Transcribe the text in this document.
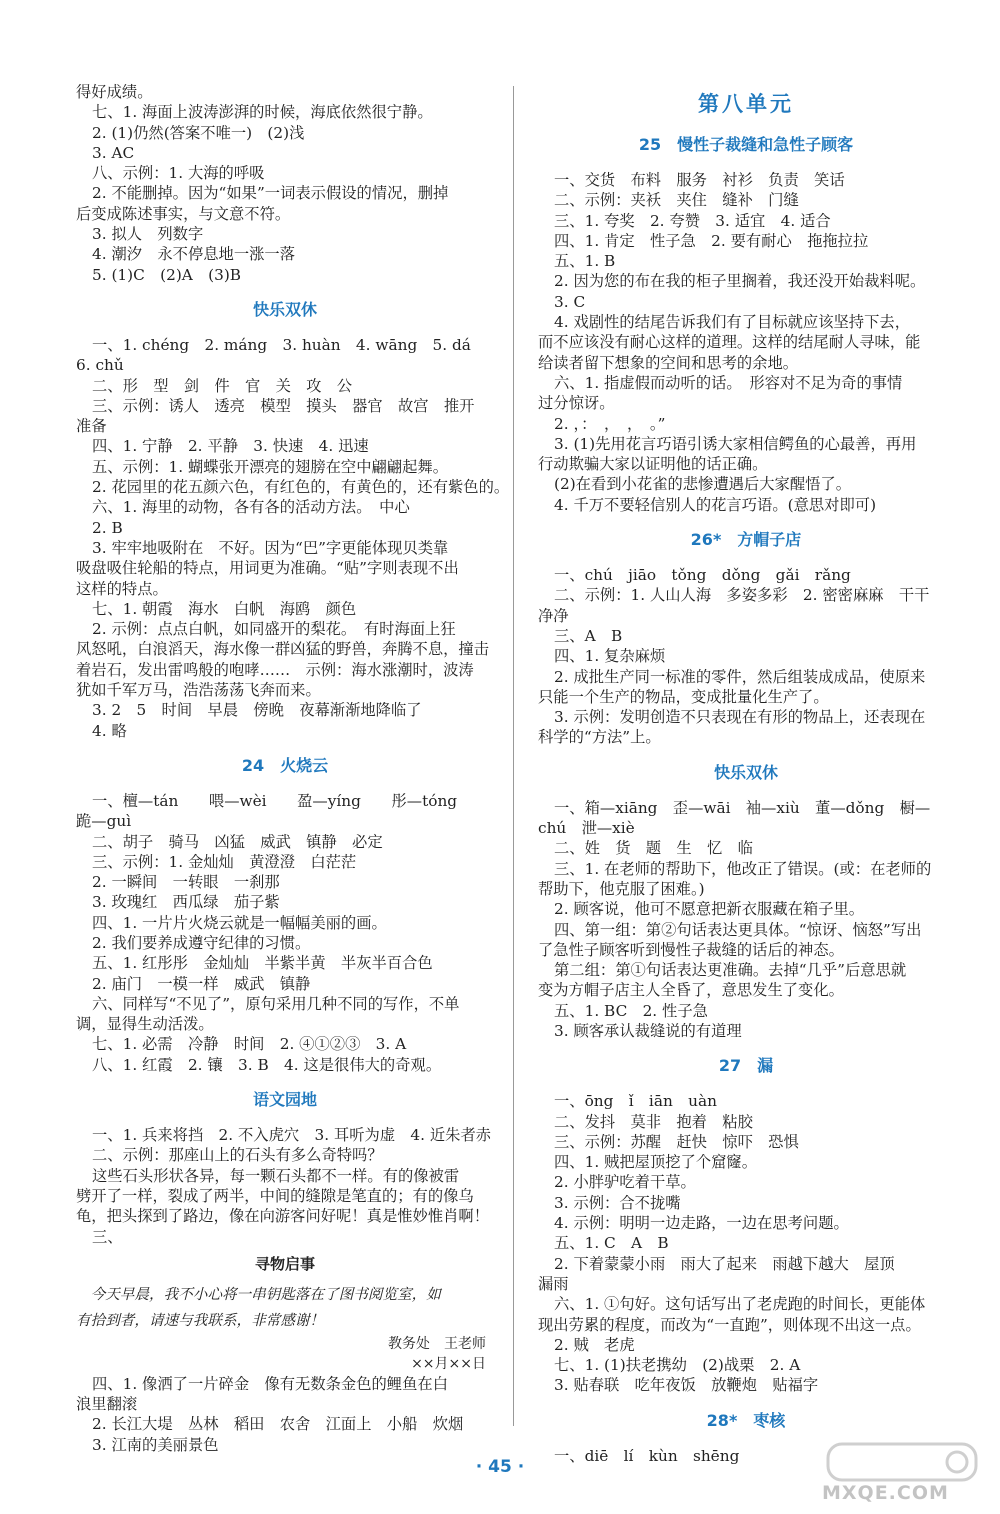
得好成绩。
七、1. 海面上波涛澎湃的时候，海底依然很宁静。
2. (1)仍然(答案不唯一)　(2)浅
3. AC
八、示例：1. 大海的呼吸
2. 不能删掉。因为“如果”一词表示假设的情况，删掉
后变成陈述事实，与文意不符。
3. 拟人　列数字
4. 潮汐　永不停息地一涨一落
5. (1)C　(2)A　(3)B
快乐双休
一、1. chéng　2. máng　3. huàn　4. wāng　5. dá
6. chǔ
二、形　型　剑　件　官　关　攻　公
三、示例：诱人　透亮　模型　摸头　器官　故宫　推开
准备
四、1. 宁静　2. 平静　3. 快速　4. 迅速
五、示例：1. 蝴蝶张开漂亮的翅膀在空中翩翩起舞。
2. 花园里的花五颜六色，有红色的，有黄色的，还有紫色的。
六、1. 海里的动物，各有各的活动方法。　中心
2. B
3. 牢牢地吸附在　不好。因为“巴”字更能体现贝类靠
吸盘吸住轮船的特点，用词更为准确。“贴”字则表现不出
这样的特点。
七、1. 朝霞　海水　白帆　海鸥　颜色
2. 示例：点点白帆，如同盛开的梨花。　有时海面上狂
风怒吼，白浪滔天，海水像一群凶猛的野兽，奔腾不息，撞击
着岩石，发出雷鸣般的咆哮……　示例：海水涨潮时，波涛
犹如千军万马，浩浩荡荡飞奔而来。
3. 2　5　时间　早晨　傍晚　夜幕渐渐地降临了
4. 略
24　火烧云
一、檀—tán　　喂—wèi　　盈—yíng　　彤—tóng
跪—guì
二、胡子　骑马　凶猛　威武　镇静　必定
三、示例：1. 金灿灿　黄澄澄　白茫茫
2. 一瞬间　一转眼　一刹那
3. 玫瑰红　西瓜绿　茄子紫
四、1. 一片片火烧云就是一幅幅美丽的画。
2. 我们要养成遵守纪律的习惯。
五、1. 红彤彤　金灿灿　半紫半黄　半灰半百合色
2. 庙门　一模一样　威武　镇静
六、同样写“不见了”，原句采用几种不同的写作，不单
调，显得生动活泼。
七、1. 必需　冷静　时间　2. ④①②③　3. A
八、1. 红霞　2. 镶　3. B　4. 这是很伟大的奇观。
语文园地
一、1. 兵来将挡　2. 不入虎穴　3. 耳听为虚　4. 近朱者赤
二、示例：那座山上的石头有多么奇特吗？
这些石头形状各异，每一颗石头都不一样。有的像被雷
劈开了一样，裂成了两半，中间的缝隙是笔直的；有的像乌
龟，把头探到了路边，像在向游客问好呢！真是惟妙惟肖啊！
三、
寻物启事
　今天早晨，我不小心将一串钥匙落在了图书阅览室，如
有拾到者，请速与我联系，非常感谢！
教务处　王老师
××月××日
四、1. 像洒了一片碎金　像有无数条金色的鲤鱼在白
浪里翻滚
2. 长江大堤　丛林　稻田　农舍　江面上　小船　炊烟
3. 江南的美丽景色
第八单元
25　慢性子裁缝和急性子顾客
一、交货　布料　服务　衬衫　负责　笑话
二、示例：夹袄　夹住　缝补　门缝
三、1. 夸奖　2. 夸赞　3. 适宜　4. 适合
四、1. 肯定　性子急　2. 要有耐心　拖拖拉拉
五、1. B
2. 因为您的布在我的柜子里搁着，我还没开始裁料呢。
3. C
4. 戏剧性的结尾告诉我们有了目标就应该坚持下去，
而不应该没有耐心这样的道理。这样的结尾耐人寻味，能
给读者留下想象的空间和思考的余地。
六、1. 指虚假而动听的话。　形容对不足为奇的事情
过分惊讶。
2. ，：　，　，　。”
3. (1)先用花言巧语引诱大家相信鳄鱼的心最善，再用
行动欺骗大家以证明他的话正确。
(2)在看到小花雀的悲惨遭遇后大家醒悟了。
4. 千万不要轻信别人的花言巧语。(意思对即可)
26*　方帽子店
一、chú　jiāo　tǒng　dǒng　gǎi　rǎng
二、示例：1. 人山人海　多姿多彩　2. 密密麻麻　干干
净净
三、A　B
四、1. 复杂麻烦
2. 成批生产同一标准的零件，然后组装成成品，使原来
只能一个生产的物品，变成批量化生产了。
3. 示例：发明创造不只表现在有形的物品上，还表现在
科学的“方法”上。
快乐双休
一、箱—xiāng　歪—wāi　袖—xiù　董—dǒng　橱—
chú　泄—xiè
二、姓　货　题　生　忆　临
三、1. 在老师的帮助下，他改正了错误。(或：在老师的
帮助下，他克服了困难。)
2. 顾客说，他可不愿意把新衣服藏在箱子里。
四、第一组：第②句话表达更具体。“惊讶、恼怒”写出
了急性子顾客听到慢性子裁缝的话后的神态。
第二组：第①句话表达更准确。去掉“几乎”后意思就
变为方帽子店主人全昏了，意思发生了变化。
五、1. BC　2. 性子急
3. 顾客承认裁缝说的有道理
27　漏
一、ōng　ǐ　iān　uàn
二、发抖　莫非　抱着　粘胶
三、示例：苏醒　赶快　惊吓　恐惧
四、1. 贼把屋顶挖了个窟窿。
2. 小胖驴吃着干草。
3. 示例：合不拢嘴
4. 示例：明明一边走路，一边在思考问题。
五、1. C　A　B
2. 下着蒙蒙小雨　雨大了起来　雨越下越大　屋顶
漏雨
六、1. ①句好。这句话写出了老虎跑的时间长，更能体
现出劳累的程度，而改为“一直跑”，则体现不出这一点。
2. 贼　老虎
七、1. (1)扶老携幼　(2)战栗　2. A
3. 贴春联　吃年夜饭　放鞭炮　贴福字
28*　枣核
一、diē　lí　kùn　shēng
· 45 ·
MXQE.COM
